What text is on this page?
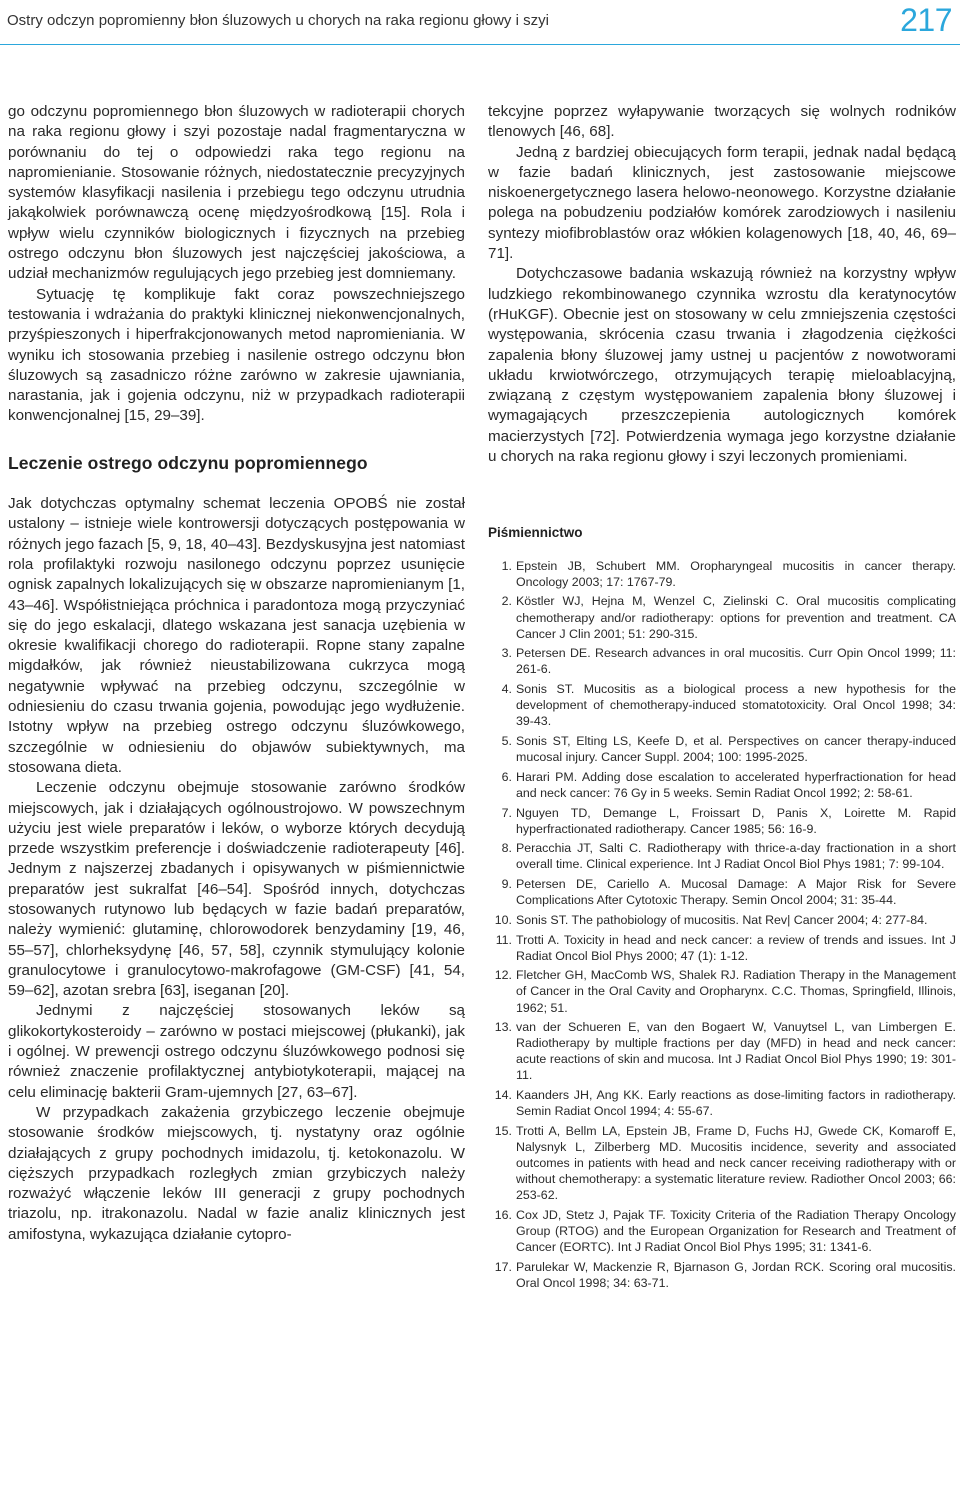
Ostry odczyn popromienny błon śluzowych u chorych na raka regionu głowy i szyi	217

go odczynu popromiennego błon śluzowych w radioterapii chorych na raka regionu głowy i szyi pozostaje nadal fragmentaryczna w porównaniu do tej o odpowiedzi raka tego regionu na napromienianie. Stosowanie różnych, niedostatecznie precyzyjnych systemów klasyfikacji nasilenia i przebiegu tego odczynu utrudnia jakąkolwiek porównawczą ocenę międzyośrodkową [15]. Rola i wpływ wielu czynników biologicznych i fizycznych na przebieg ostrego odczynu błon śluzowych jest najczęściej jakościowa, a udział mechanizmów regulujących jego przebieg jest domniemany.

Sytuację tę komplikuje fakt coraz powszechniejszego testowania i wdrażania do praktyki klinicznej niekonwencjonalnych, przyśpieszonych i hiperfrakcjonowanych metod napromieniania. W wyniku ich stosowania przebieg i nasilenie ostrego odczynu błon śluzowych są zasadniczo różne zarówno w zakresie ujawniania, narastania, jak i gojenia odczynu, niż w przypadkach radioterapii konwencjonalnej [15, 29–39].

Leczenie ostrego odczynu popromiennego

Jak dotychczas optymalny schemat leczenia OPOBŚ nie został ustalony – istnieje wiele kontrowersji dotyczących postępowania w różnych jego fazach [5, 9, 18, 40–43]. Bezdyskusyjna jest natomiast rola profilaktyki rozwoju nasilonego odczynu poprzez usunięcie ognisk zapalnych lokalizujących się w obszarze napromienianym [1, 43–46]. Współistniejąca próchnica i paradontoza mogą przyczyniać się do jego eskalacji, dlatego wskazana jest sanacja uzębienia w okresie kwalifikacji chorego do radioterapii. Ropne stany zapalne migdałków, jak również nieustabilizowana cukrzyca mogą negatywnie wpływać na przebieg odczynu, szczególnie w odniesieniu do czasu trwania gojenia, powodując jego wydłużenie. Istotny wpływ na przebieg ostrego odczynu śluzówkowego, szczególnie w odniesieniu do objawów subiektywnych, ma stosowana dieta.

Leczenie odczynu obejmuje stosowanie zarówno środków miejscowych, jak i działających ogólnoustrojowo. W powszechnym użyciu jest wiele preparatów i leków, o wyborze których decydują przede wszystkim preferencje i doświadczenie radioterapeuty [46]. Jednym z najszerzej zbadanych i opisywanych w piśmiennictwie preparatów jest sukralfat [46–54]. Spośród innych, dotychczas stosowanych rutynowo lub będących w fazie badań preparatów, należy wymienić: glutaminę, chlorowodorek benzydaminy [19, 46, 55–57], chlorheksydynę [46, 57, 58], czynnik stymulujący kolonie granulocytowe i granulocytowo-makrofagowe (GM-CSF) [41, 54, 59–62], azotan srebra [63], iseganan [20].

Jednymi z najczęściej stosowanych leków są glikokortykosteroidy – zarówno w postaci miejscowej (płukanki), jak i ogólnej. W prewencji ostrego odczynu śluzówkowego podnosi się również znaczenie profilaktycznej antybiotykoterapii, mającej na celu eliminację bakterii Gram-ujemnych [27, 63–67].

W przypadkach zakażenia grzybiczego leczenie obejmuje stosowanie środków miejscowych, tj. nystatyny oraz ogólnie działających z grupy pochodnych imidazolu, tj. ketokonazolu. W cięższych przypadkach rozległych zmian grzybiczych należy rozważyć włączenie leków III generacji z grupy pochodnych triazolu, np. itrakonazolu. Nadal w fazie analiz klinicznych jest amifostyna, wykazująca działanie cytopro-

tekcyjne poprzez wyłapywanie tworzących się wolnych rodników tlenowych [46, 68].

Jedną z bardziej obiecujących form terapii, jednak nadal będącą w fazie badań klinicznych, jest zastosowanie miejscowe niskoenergetycznego lasera helowo-neonowego. Korzystne działanie polega na pobudzeniu podziałów komórek zarodziowych i nasileniu syntezy miofibroblastów oraz włókien kolagenowych [18, 40, 46, 69–71].

Dotychczasowe badania wskazują również na korzystny wpływ ludzkiego rekombinowanego czynnika wzrostu dla keratynocytów (rHuKGF). Obecnie jest on stosowany w celu zmniejszenia częstości występowania, skrócenia czasu trwania i złagodzenia ciężkości zapalenia błony śluzowej jamy ustnej u pacjentów z nowotworami układu krwiotwórczego, otrzymujących terapię mieloablacyjną, związaną z częstym występowaniem zapalenia błony śluzowej i wymagających przeszczepienia autologicznych komórek macierzystych [72]. Potwierdzenia wymaga jego korzystne działanie u chorych na raka regionu głowy i szyi leczonych promieniami.

Piśmiennictwo
1. Epstein JB, Schubert MM. Oropharyngeal mucositis in cancer therapy. Oncology 2003; 17: 1767-79.
2. Köstler WJ, Hejna M, Wenzel C, Zielinski C. Oral mucositis complicating chemotherapy and/or radiotherapy: options for prevention and treatment. CA Cancer J Clin 2001; 51: 290-315.
3. Petersen DE. Research advances in oral mucositis. Curr Opin Oncol 1999; 11: 261-6.
4. Sonis ST. Mucositis as a biological process a new hypothesis for the development of chemotherapy-induced stomatotoxicity. Oral Oncol 1998; 34: 39-43.
5. Sonis ST, Elting LS, Keefe D, et al. Perspectives on cancer therapy-induced mucosal injury. Cancer Suppl. 2004; 100: 1995-2025.
6. Harari PM. Adding dose escalation to accelerated hyperfractionation for head and neck cancer: 76 Gy in 5 weeks. Semin Radiat Oncol 1992; 2: 58-61.
7. Nguyen TD, Demange L, Froissart D, Panis X, Loirette M. Rapid hyperfractionated radiotherapy. Cancer 1985; 56: 16-9.
8. Peracchia JT, Salti C. Radiotherapy with thrice-a-day fractionation in a short overall time. Clinical experience. Int J Radiat Oncol Biol Phys 1981; 7: 99-104.
9. Petersen DE, Cariello A. Mucosal Damage: A Major Risk for Severe Complications After Cytotoxic Therapy. Semin Oncol 2004; 31: 35-44.
10. Sonis ST. The pathobiology of mucositis. Nat Rev| Cancer 2004; 4: 277-84.
11. Trotti A. Toxicity in head and neck cancer: a review of trends and issues. Int J Radiat Oncol Biol Phys 2000; 47 (1): 1-12.
12. Fletcher GH, MacComb WS, Shalek RJ. Radiation Therapy in the Management of Cancer in the Oral Cavity and Oropharynx. C.C. Thomas, Springfield, Illinois, 1962; 51.
13. van der Schueren E, van den Bogaert W, Vanuytsel L, van Limbergen E. Radiotherapy by multiple fractions per day (MFD) in head and neck cancer: acute reactions of skin and mucosa. Int J Radiat Oncol Biol Phys 1990; 19: 301-11.
14. Kaanders JH, Ang KK. Early reactions as dose-limiting factors in radiotherapy. Semin Radiat Oncol 1994; 4: 55-67.
15. Trotti A, Bellm LA, Epstein JB, Frame D, Fuchs HJ, Gwede CK, Komaroff E, Nalysnyk L, Zilberberg MD. Mucositis incidence, severity and associated outcomes in patients with head and neck cancer receiving radiotherapy with or without chemotherapy: a systematic literature review. Radiother Oncol 2003; 66: 253-62.
16. Cox JD, Stetz J, Pajak TF. Toxicity Criteria of the Radiation Therapy Oncology Group (RTOG) and the European Organization for Research and Treatment of Cancer (EORTC). Int J Radiat Oncol Biol Phys 1995; 31: 1341-6.
17. Parulekar W, Mackenzie R, Bjarnason G, Jordan RCK. Scoring oral mucositis. Oral Oncol 1998; 34: 63-71.
